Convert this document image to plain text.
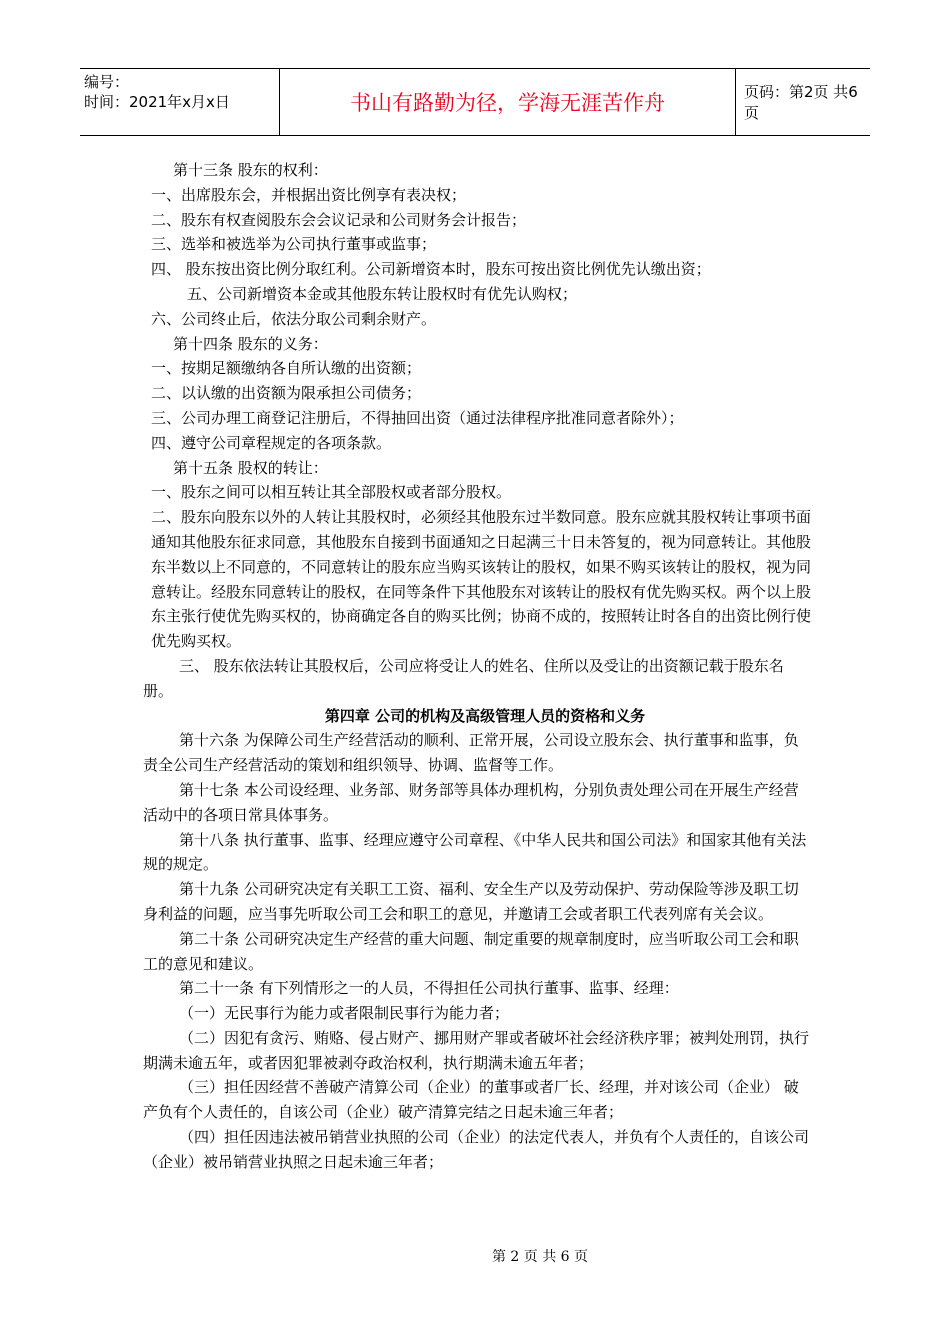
编号：
时间：2021年x月x日	书山有路勤为径，学海无涯苦作舟	页码：第2页 共6页

第十三条 股东的权利：

一、出席股东会，并根据出资比例享有表决权；

二、股东有权查阅股东会会议记录和公司财务会计报告；

三、选举和被选举为公司执行董事或监事；

四、 股东按出资比例分取红利。公司新增资本时，股东可按出资比例优先认缴出资；

五、公司新增资本金或其他股东转让股权时有优先认购权；

六、公司终止后，依法分取公司剩余财产。

第十四条 股东的义务：

一、按期足额缴纳各自所认缴的出资额；

二、以认缴的出资额为限承担公司债务；

三、公司办理工商登记注册后，不得抽回出资（通过法律程序批准同意者除外）；

四、遵守公司章程规定的各项条款。

第十五条 股权的转让：

一、股东之间可以相互转让其全部股权或者部分股权。

二、股东向股东以外的人转让其股权时，必须经其他股东过半数同意。股东应就其股权转让事项书面通知其他股东征求同意，其他股东自接到书面通知之日起满三十日未答复的，视为同意转让。其他股东半数以上不同意的，不同意转让的股东应当购买该转让的股权，如果不购买该转让的股权，视为同意转让。经股东同意转让的股权，在同等条件下其他股东对该转让的股权有优先购买权。两个以上股东主张行使优先购买权的，协商确定各自的购买比例；协商不成的，按照转让时各自的出资比例行使优先购买权。

三、 股东依法转让其股权后，公司应将受让人的姓名、住所以及受让的出资额记载于股东名册。

第四章 公司的机构及高级管理人员的资格和义务

第十六条 为保障公司生产经营活动的顺利、正常开展，公司设立股东会、执行董事和监事，负责全公司生产经营活动的策划和组织领导、协调、监督等工作。

第十七条 本公司设经理、业务部、财务部等具体办理机构，分别负责处理公司在开展生产经营活动中的各项日常具体事务。

第十八条 执行董事、监事、经理应遵守公司章程、《中华人民共和国公司法》和国家其他有关法规的规定。

第十九条 公司研究决定有关职工工资、福利、安全生产以及劳动保护、劳动保险等涉及职工切身利益的问题，应当事先听取公司工会和职工的意见，并邀请工会或者职工代表列席有关会议。

第二十条 公司研究决定生产经营的重大问题、制定重要的规章制度时，应当听取公司工会和职工的意见和建议。

第二十一条 有下列情形之一的人员，不得担任公司执行董事、监事、经理：

（一）无民事行为能力或者限制民事行为能力者；

（二）因犯有贪污、贿赂、侵占财产、挪用财产罪或者破坏社会经济秩序罪；被判处刑罚，执行期满未逾五年，或者因犯罪被剥夺政治权利，执行期满未逾五年者；

（三）担任因经营不善破产清算公司（企业）的董事或者厂长、经理，并对该公司（企业） 破产负有个人责任的，自该公司（企业）破产清算完结之日起未逾三年者；

（四）担任因违法被吊销营业执照的公司（企业）的法定代表人，并负有个人责任的，自该公司（企业）被吊销营业执照之日起未逾三年者；

第 2 页 共 6 页
